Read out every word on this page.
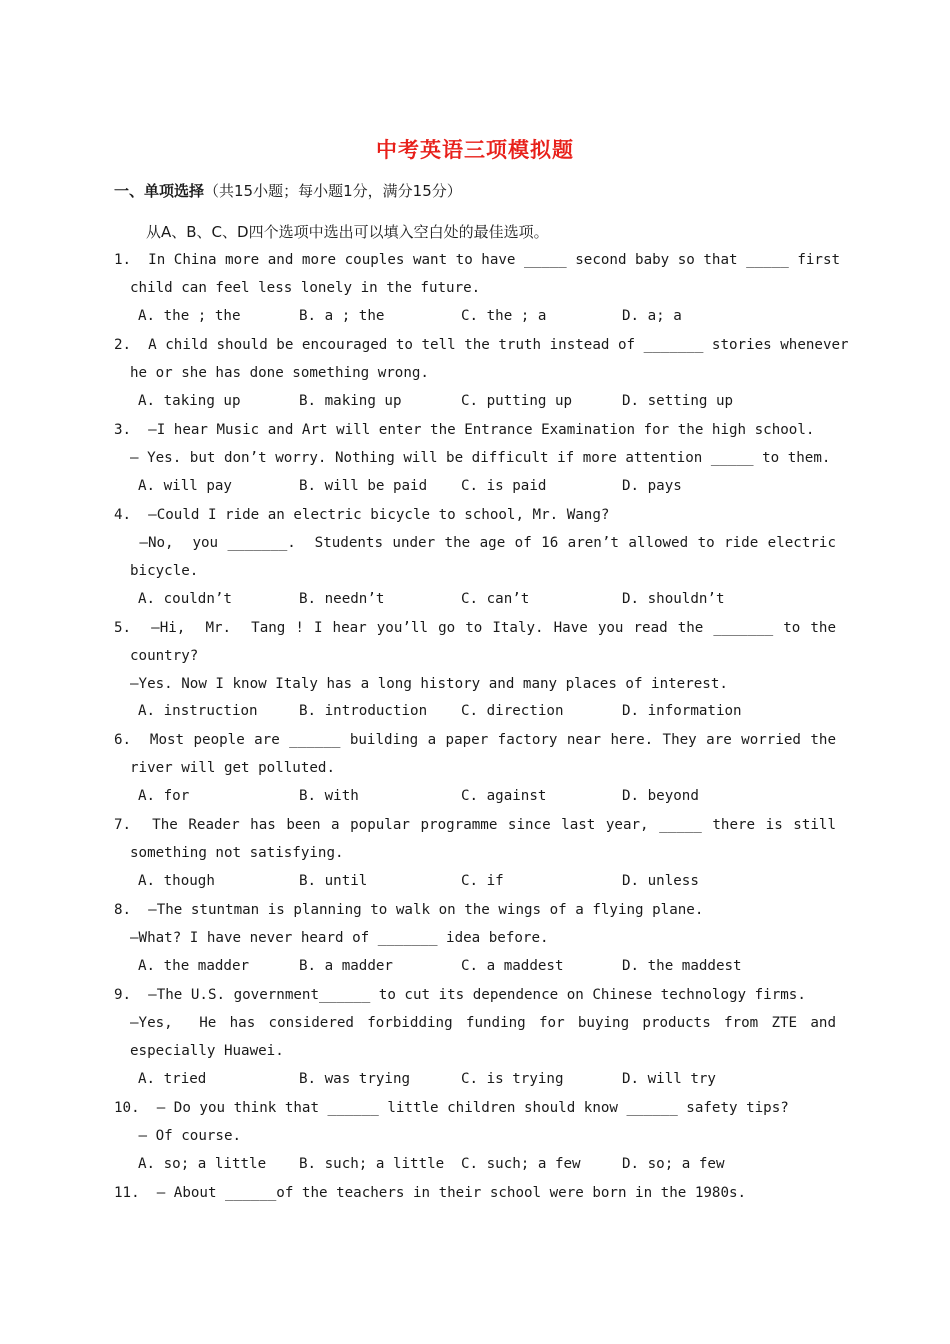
中考英语三项模拟题
一、单项选择（共15小题；每小题1分，满分15分）
从A、B、C、D四个选项中选出可以填入空白处的最佳选项。
1.  In China more and more couples want to have _____ second baby so that _____ first
child can feel less lonely in the future.

A. the ; the

	B. a ; the

	C. the ; a

	D. a; a

2.  A child should be encouraged to tell the truth instead of _______ stories whenever
he or she has done something wrong.

A. taking up

	B. making up

	C. putting up

	D. setting up

3.  —I hear Music and Art will enter the Entrance Examination for the high school.
— Yes. but don’t worry. Nothing will be difficult if more attention _____ to them.

A. will pay

	B. will be paid

C. is paid

	D. pays

4.  —Could I ride an electric bicycle to school, Mr. Wang?
—No,  you _______.  Students under the age of 16 aren’t allowed to ride electric
bicycle.

A. couldn’t

	B. needn’t

	C. can’t

	D. shouldn’t

5.  —Hi,  Mr.  Tang ! I hear you’ll go to Italy. Have you read the _______ to the
country?
—Yes. Now I know Italy has a long history and many places of interest.

A. instruction

	B. introduction

C. direction

	D. information

6.  Most people are ______ building a paper factory near here. They are worried the
river will get polluted.

A. for

	B. with

	C. against

	D. beyond

7.  The Reader has been a popular programme since last year, _____ there is still
something not satisfying.

A. though

	B. until

	C. if

	D. unless

8.  —The stuntman is planning to walk on the wings of a flying plane.
—What? I have never heard of _______ idea before.

A. the madder

	B. a madder

	C. a maddest

	D. the maddest

9.  —The U.S. government______ to cut its dependence on Chinese technology firms.
—Yes,  He has considered forbidding funding for buying products from ZTE and
especially Huawei.

A. tried

	B. was trying

	C. is trying

	D. will try

10.  — Do you think that ______ little children should know ______ safety tips?
— Of course.

A. so; a little

B. such; a little

C. such; a few

	D. so; a few

11.  — About ______of the teachers in their school were born in the 1980s.
